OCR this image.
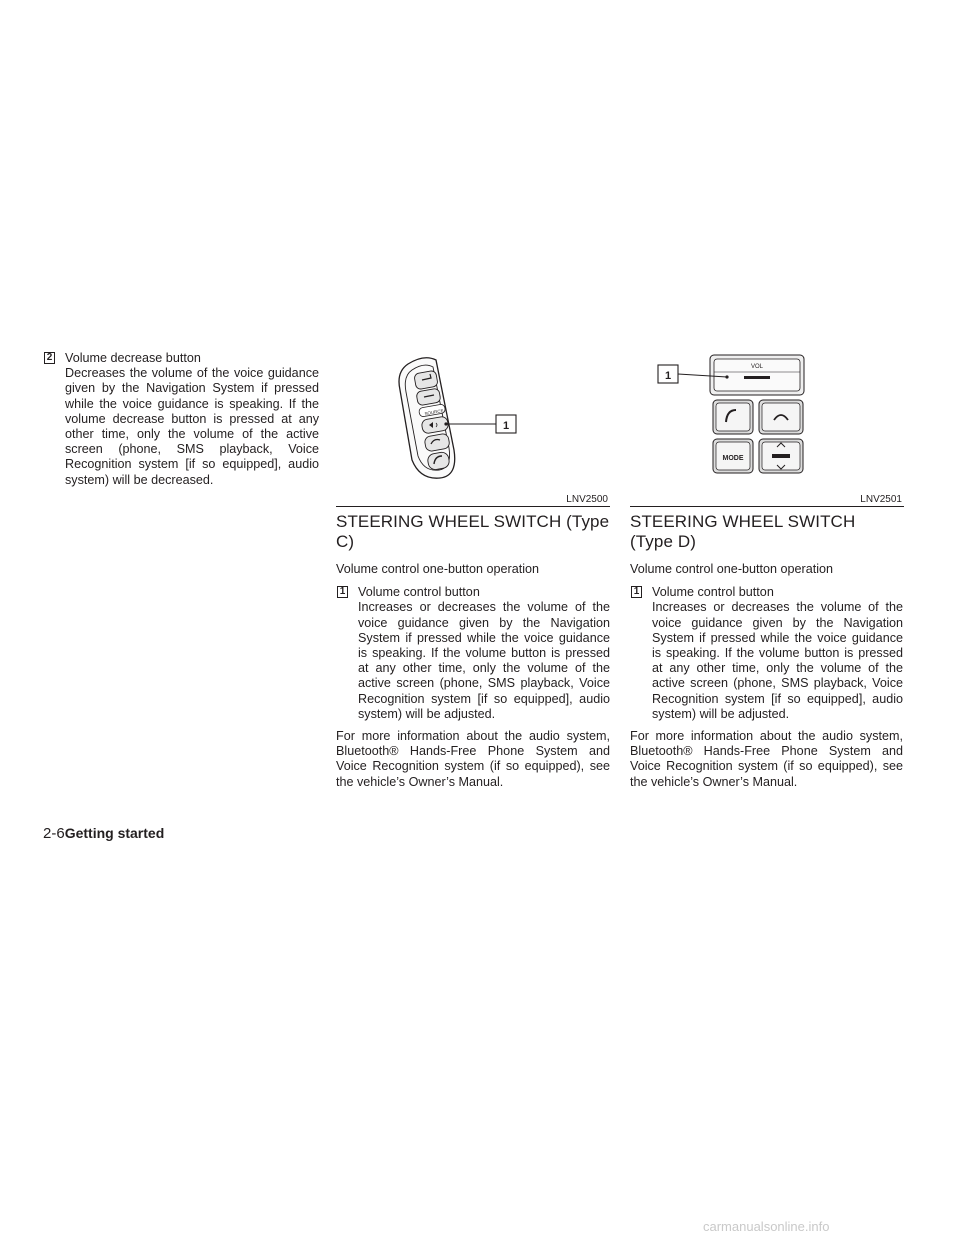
2 Volume decrease button
Decreases the volume of the voice guidance given by the Navigation System if pressed while the voice guidance is speaking. If the volume decrease button is pressed at any other time, only the volume of the active screen (phone, SMS playback, Voice Recognition system [if so equipped], audio system) will be decreased.
SOURCE
1
LNV2500
STEERING WHEEL SWITCH (Type C)
Volume control one-button operation
1 Volume control button
Increases or decreases the volume of the voice guidance given by the Navigation System if pressed while the voice guidance is speaking. If the volume button is pressed at any other time, only the volume of the active screen (phone, SMS playback, Voice Recognition system [if so equipped], audio system) will be adjusted.
For more information about the audio system, Bluetooth® Hands-Free Phone System and Voice Recognition system (if so equipped), see the vehicle’s Owner’s Manual.
VOL
MODE
1
LNV2501
STEERING WHEEL SWITCH (Type D)
Volume control one-button operation
1 Volume control button
Increases or decreases the volume of the voice guidance given by the Navigation System if pressed while the voice guidance is speaking. If the volume button is pressed at any other time, only the volume of the active screen (phone, SMS playback, Voice Recognition system [if so equipped], audio system) will be adjusted.
For more information about the audio system, Bluetooth® Hands-Free Phone System and Voice Recognition system (if so equipped), see the vehicle’s Owner’s Manual.
2-6Getting started
carmanualsonline.info
